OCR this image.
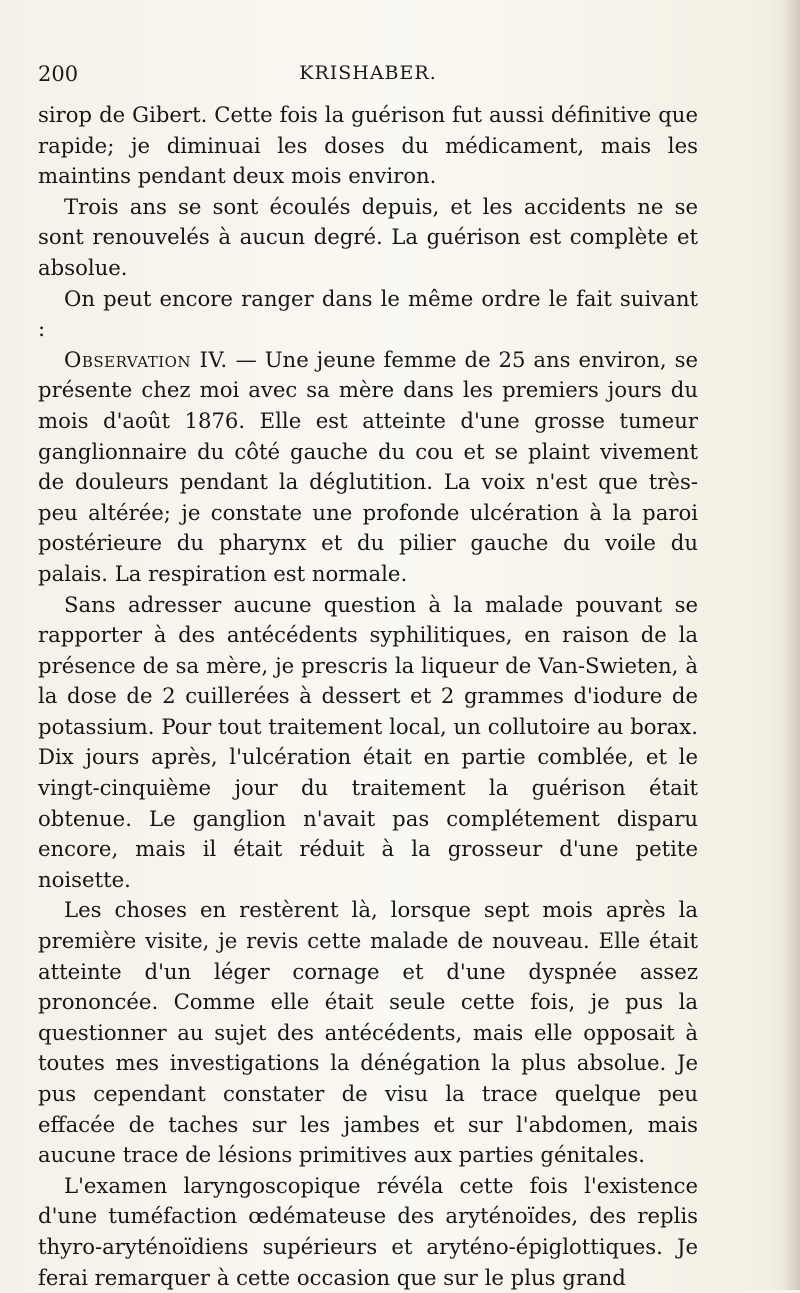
200	KRISHABER.

sirop de Gibert. Cette fois la guérison fut aussi définitive que rapide; je diminuai les doses du médicament, mais les maintins pendant deux mois environ.

Trois ans se sont écoulés depuis, et les accidents ne se sont renouvelés à aucun degré. La guérison est complète et absolue.

On peut encore ranger dans le même ordre le fait suivant :

Observation IV. — Une jeune femme de 25 ans environ, se présente chez moi avec sa mère dans les premiers jours du mois d'août 1876. Elle est atteinte d'une grosse tumeur ganglionnaire du côté gauche du cou et se plaint vivement de douleurs pendant la déglutition. La voix n'est que très-peu altérée; je constate une profonde ulcération à la paroi postérieure du pharynx et du pilier gauche du voile du palais. La respiration est normale.

Sans adresser aucune question à la malade pouvant se rapporter à des antécédents syphilitiques, en raison de la présence de sa mère, je prescris la liqueur de Van-Swieten, à la dose de 2 cuillerées à dessert et 2 grammes d'iodure de potassium. Pour tout traitement local, un collutoire au borax. Dix jours après, l'ulcération était en partie comblée, et le vingt-cinquième jour du traitement la guérison était obtenue. Le ganglion n'avait pas complétement disparu encore, mais il était réduit à la grosseur d'une petite noisette.

Les choses en restèrent là, lorsque sept mois après la première visite, je revis cette malade de nouveau. Elle était atteinte d'un léger cornage et d'une dyspnée assez prononcée. Comme elle était seule cette fois, je pus la questionner au sujet des antécédents, mais elle opposait à toutes mes investigations la dénégation la plus absolue. Je pus cependant constater de visu la trace quelque peu effacée de taches sur les jambes et sur l'abdomen, mais aucune trace de lésions primitives aux parties génitales.

L'examen laryngoscopique révéla cette fois l'existence d'une tuméfaction œdémateuse des aryténoïdes, des replis thyro-aryténoïdiens supérieurs et aryténo-épiglottiques. Je ferai remarquer à cette occasion que sur le plus grand
